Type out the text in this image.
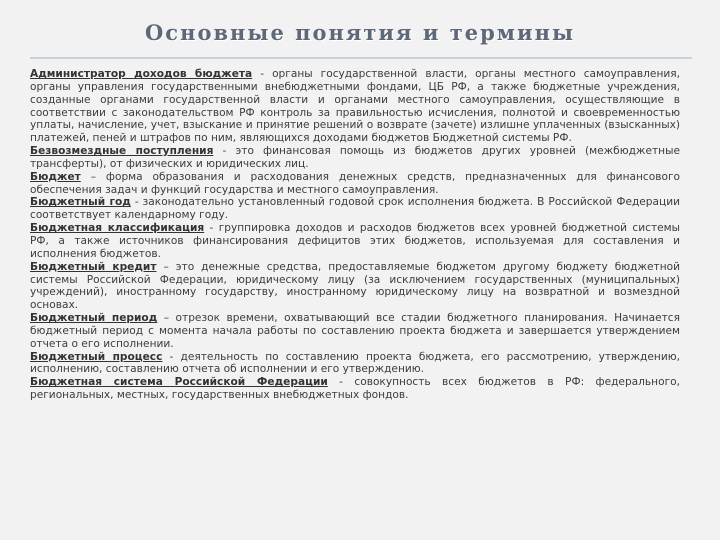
Основные понятия и термины

Администратор доходов бюджета - органы государственной власти, органы местного самоуправления, органы управления государственными внебюджетными фондами, ЦБ РФ, а также бюджетные учреждения, созданные органами государственной власти и органами местного самоуправления, осуществляющие в соответствии с законодательством РФ контроль за правильностью исчисления, полнотой и своевременностью уплаты, начисление, учет, взыскание и принятие решений о возврате (зачете) излишне уплаченных (взысканных) платежей, пеней и штрафов по ним, являющихся доходами бюджетов Бюджетной системы РФ.

Безвозмездные поступления - это финансовая помощь из бюджетов других уровней (межбюджетные трансферты), от физических и юридических лиц.

Бюджет – форма образования и расходования денежных средств, предназначенных для финансового обеспечения задач и функций государства и местного самоуправления.

Бюджетный год - законодательно установленный годовой срок исполнения бюджета. В Российской Федерации соответствует календарному году.

Бюджетная классификация - группировка доходов и расходов бюджетов всех уровней бюджетной системы РФ, а также источников финансирования дефицитов этих бюджетов, используемая для составления и исполнения бюджетов.

Бюджетный кредит – это денежные средства, предоставляемые бюджетом другому бюджету бюджетной системы Российской Федерации, юридическому лицу (за исключением государственных (муниципальных) учреждений), иностранному государству, иностранному юридическому лицу на возвратной и возмездной основах.

Бюджетный период – отрезок времени, охватывающий все стадии бюджетного планирования. Начинается бюджетный период с момента начала работы по составлению проекта бюджета и завершается утверждением отчета о его исполнении.

Бюджетный процесс - деятельность по составлению проекта бюджета, его рассмотрению, утверждению, исполнению, составлению отчета об исполнении и его утверждению.

Бюджетная система Российской Федерации - совокупность всех бюджетов в РФ: федерального, региональных, местных, государственных внебюджетных фондов.
